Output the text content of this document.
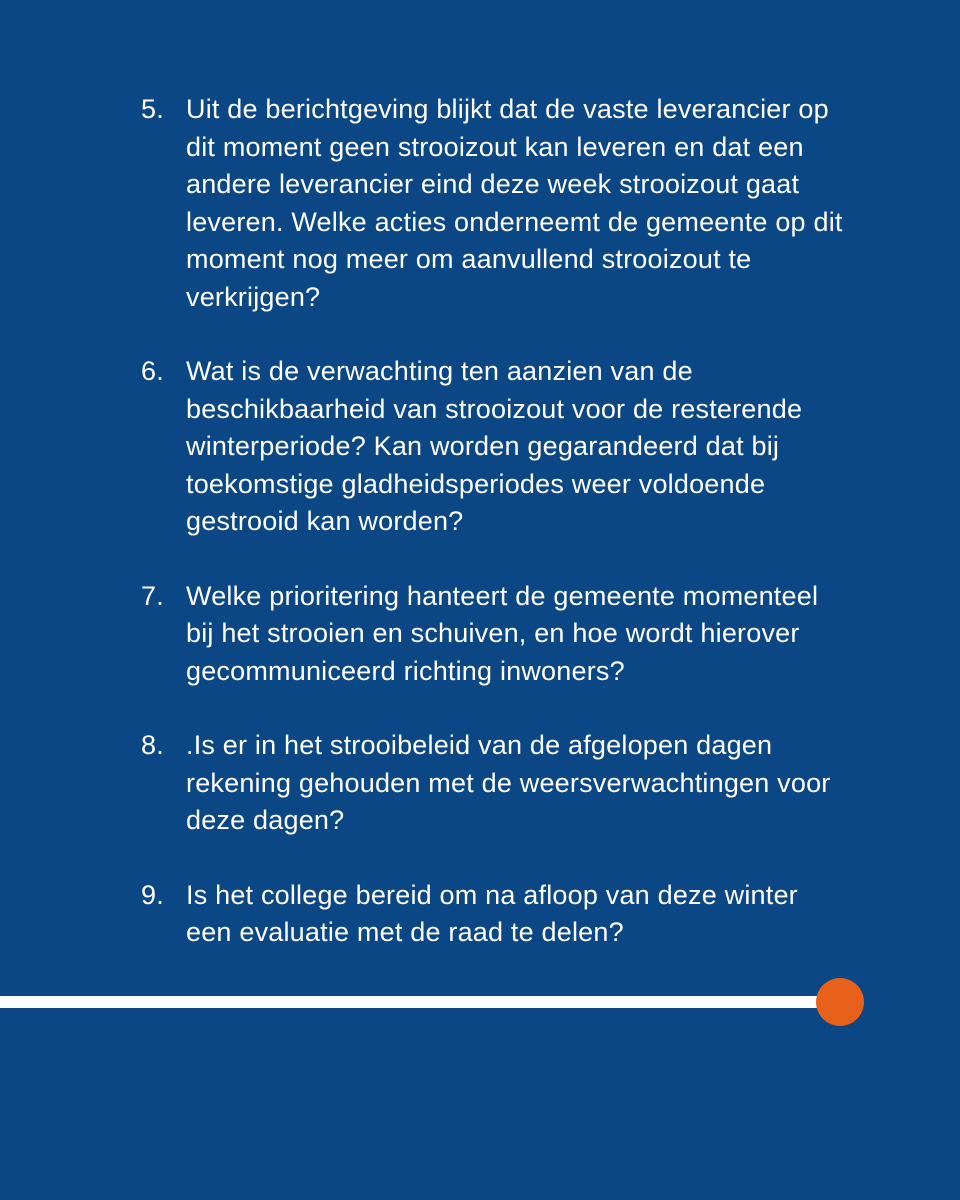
5. Uit de berichtgeving blijkt dat de vaste leverancier op
dit moment geen strooizout kan leveren en dat een
andere leverancier eind deze week strooizout gaat
leveren. Welke acties onderneemt de gemeente op dit
moment nog meer om aanvullend strooizout te
verkrijgen?
6. Wat is de verwachting ten aanzien van de
beschikbaarheid van strooizout voor de resterende
winterperiode? Kan worden gegarandeerd dat bij
toekomstige gladheidsperiodes weer voldoende
gestrooid kan worden?
7. Welke prioritering hanteert de gemeente momenteel
bij het strooien en schuiven, en hoe wordt hierover
gecommuniceerd richting inwoners?
8. .Is er in het strooibeleid van de afgelopen dagen
rekening gehouden met de weersverwachtingen voor
deze dagen?
9. Is het college bereid om na afloop van deze winter
een evaluatie met de raad te delen?
